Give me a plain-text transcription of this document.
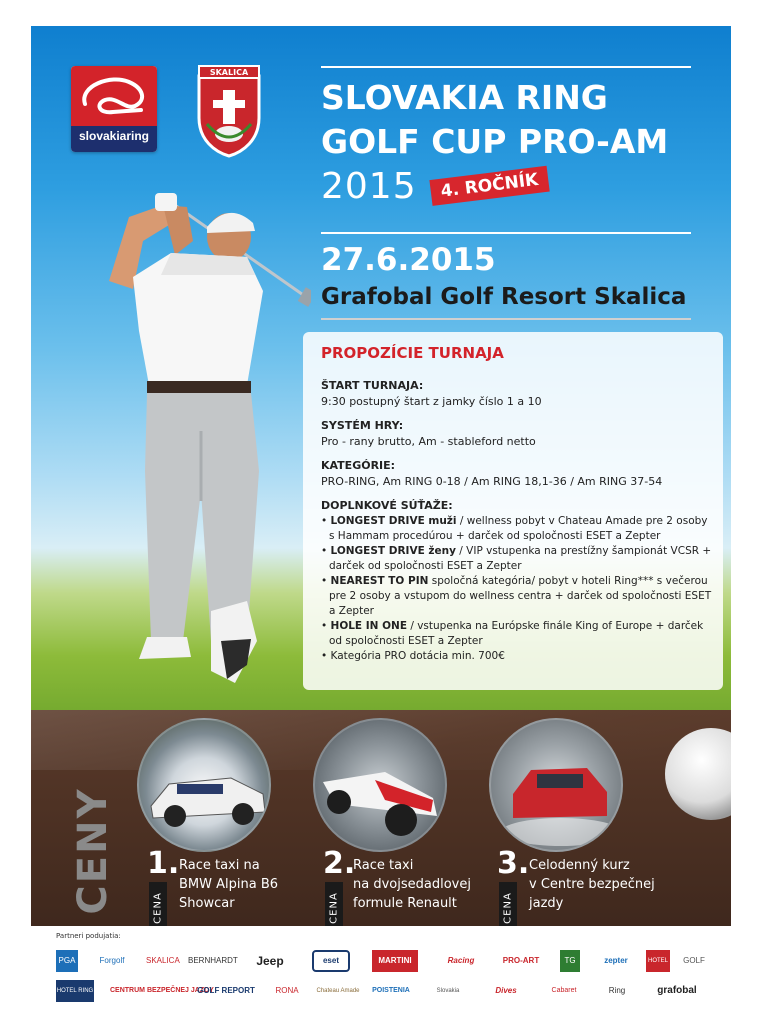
slovakiaring
SKALICA
SLOVAKIA RING
GOLF CUP PRO-AM
2015	4. ROČNÍK
27.6.2015
Grafobal Golf Resort Skalica
PROPOZÍCIE TURNAJA
ŠTART TURNAJA:
9:30 postupný štart z jamky číslo 1 a 10
SYSTÉM HRY:
Pro - rany brutto, Am - stableford netto
KATEGÓRIE:
PRO-RING, Am RING 0-18 / Am RING 18,1-36 / Am RING 37-54
DOPLNKOVÉ SÚŤAŽE:
• LONGEST DRIVE muži / wellness pobyt v Chateau Amade pre 2 osoby s Hammam procedúrou + darček od spoločnosti ESET a Zepter
• LONGEST DRIVE ženy / VIP vstupenka na prestížny šampionát VCSR + darček od spoločnosti ESET a Zepter
• NEAREST TO PIN spoločná kategória/ pobyt v hoteli Ring*** s večerou pre 2 osoby a vstupom do wellness centra + darček od spoločnosti ESET a Zepter
• HOLE IN ONE / vstupenka na Európske finále King of Europe + darček od spoločnosti ESET a Zepter
• Kategória PRO dotácia min. 700€
CENY 1.
CENA
Race taxi na
BMW Alpina B6
Showcar
2.
CENA
Race taxi
na dvojsedadlovej
formule Renault
3.
CENA
Celodenný kurz
v Centre bezpečnej
jazdy
Partneri podujatia:
PGA	Forgolf	SKALICA BERNHARDT	Jeep	eset	MARTINI	Racing	PRO-ART	TG	zepter	HOTEL	GOLF
HOTEL RING CENTRUM BEZPEČNEJ JAZDY
GOLF REPORT	RONA	Chateau Amade	POISTENIA	Slovakia	Dives	Cabaret	Ring	grafobal
